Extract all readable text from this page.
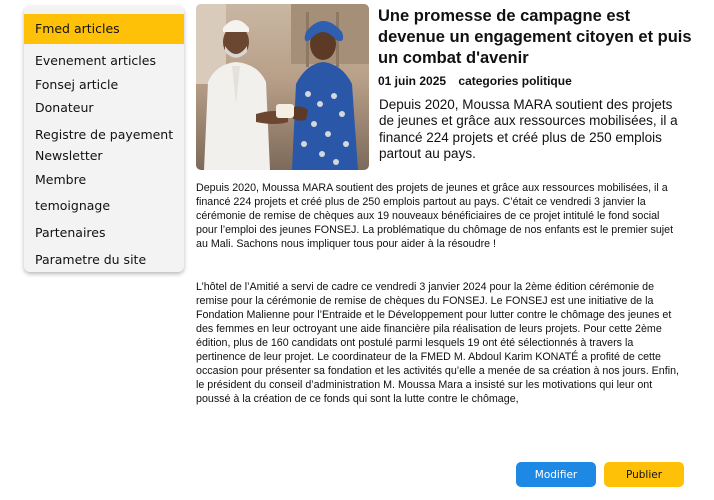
Fmed articles
Evenement articles
Fonsej article
Donateur
Registre de payement
Newsletter
Membre
temoignage
Partenaires
Parametre du site
Une promesse de campagne est devenue un engagement citoyen et puis un combat d'avenir
01 juin 2025 categories politique

Depuis 2020, Moussa MARA soutient des projets de jeunes et grâce aux ressources mobilisées, il a financé 224 projets et créé plus de 250 emplois partout au pays.

Depuis 2020, Moussa MARA soutient des projets de jeunes et grâce aux ressources mobilisées, il a financé 224 projets et créé plus de 250 emplois partout au pays. C’était ce vendredi 3 janvier la cérémonie de remise de chèques aux 19 nouveaux bénéficiaires de ce projet intitulé le fond social pour l’emploi des jeunes FONSEJ. La problématique du chômage de nos enfants est le premier sujet au Mali. Sachons nous impliquer tous pour aider à la résoudre !

L’hôtel de l’Amitié a servi de cadre ce vendredi 3 janvier 2024 pour la 2ème édition cérémonie de remise pour la cérémonie de remise de chèques du FONSEJ. Le FONSEJ est une initiative de la Fondation Malienne pour l’Entraide et le Développement pour lutter contre le chômage des jeunes et des femmes en leur octroyant une aide financière pila réalisation de leurs projets. Pour cette 2ème édition, plus de 160 candidats ont postulé parmi lesquels 19 ont été sélectionnés à travers la pertinence de leur projet. Le coordinateur de la FMED M. Abdoul Karim KONATÉ a profité de cette occasion pour présenter sa fondation et les activités qu’elle a menée de sa création à nos jours. Enfin, le président du conseil d’administration M. Moussa Mara a insisté sur les motivations qui leur ont poussé à la création de ce fonds qui sont la lutte contre le chômage,

Modifier	Publier
